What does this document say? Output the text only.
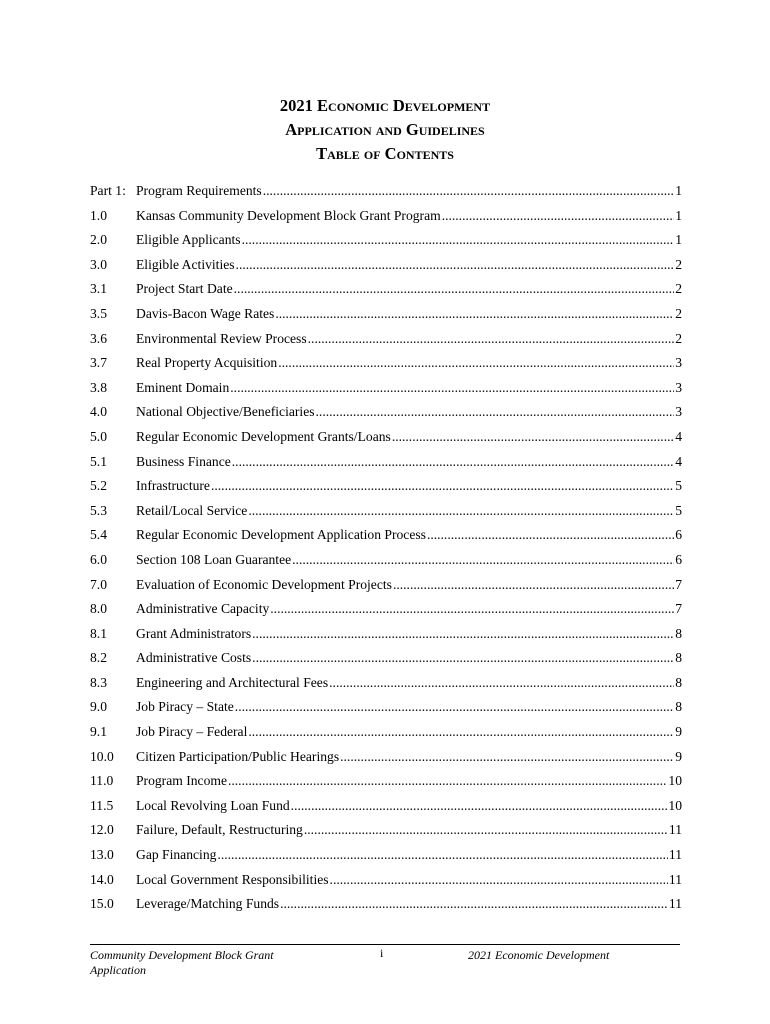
2021 Economic Development
Application and Guidelines
Table of Contents
Part 1: Program Requirements .....	1
1.0	Kansas Community Development Block Grant Program .....	1
2.0	Eligible Applicants .....	1
3.0	Eligible Activities .....	2
3.1	Project Start Date .....	2
3.5	Davis-Bacon Wage Rates .....	2
3.6	Environmental Review Process .....	2
3.7	Real Property Acquisition .....	3
3.8	Eminent Domain .....	3
4.0	National Objective/Beneficiaries .....	3
5.0	Regular Economic Development Grants/Loans .....	4
5.1	Business Finance .....	4
5.2	Infrastructure .....	5
5.3	Retail/Local Service .....	5
5.4	Regular Economic Development Application Process .....	6
6.0	Section 108 Loan Guarantee .....	6
7.0	Evaluation of Economic Development Projects .....	7
8.0	Administrative Capacity .....	7
8.1	Grant Administrators .....	8
8.2	Administrative Costs .....	8
8.3	Engineering and Architectural Fees .....	8
9.0	Job Piracy – State .....	8
9.1	Job Piracy – Federal .....	9
10.0	Citizen Participation/Public Hearings .....	9
11.0	Program Income .....	10
11.5	Local Revolving Loan Fund .....	10
12.0	Failure, Default, Restructuring .....	11
13.0	Gap Financing .....	11
14.0	Local Government Responsibilities .....	11
15.0	Leverage/Matching Funds .....	11
Community Development Block Grant Application
i	2021 Economic Development
